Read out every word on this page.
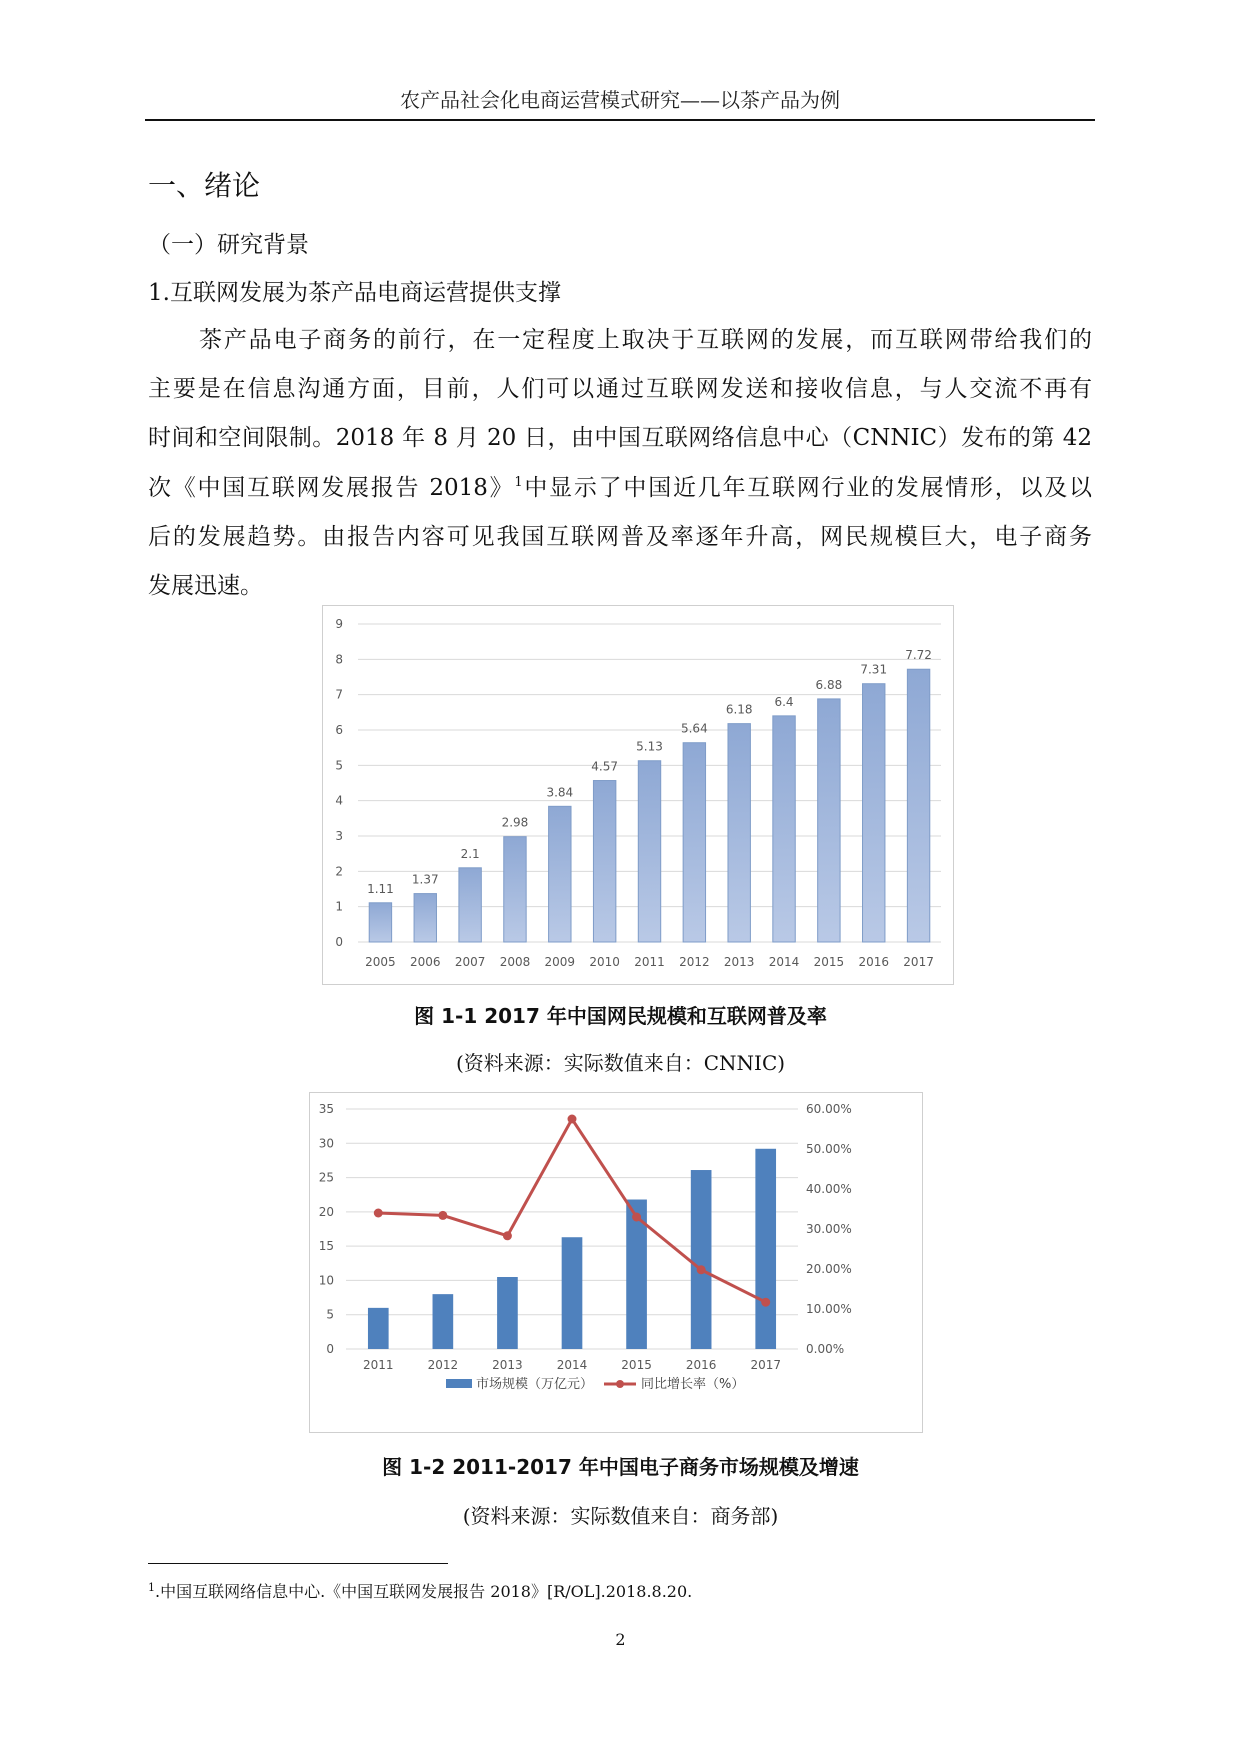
农产品社会化电商运营模式研究——以茶产品为例
一、绪论
（一）研究背景
1.互联网发展为茶产品电商运营提供支撑
茶产品电子商务的前行，在一定程度上取决于互联网的发展，而互联网带给我们的
主要是在信息沟通方面，目前，人们可以通过互联网发送和接收信息，与人交流不再有
时间和空间限制。2018 年 8 月 20 日，由中国互联网络信息中心（CNNIC）发布的第 42
次《中国互联网发展报告 2018》$^1$中显示了中国近几年互联网行业的发展情形，以及以
后的发展趋势。由报告内容可见我国互联网普及率逐年升高，网民规模巨大，电子商务
发展迅速。
0
1
2
3
4
5
6
7
8
9
1.11
2005
1.37
2006
2.1
2007
2.98
2008
3.84
2009
4.57
2010
5.13
2011
5.64
2012
6.18
2013
6.4
2014
6.88
2015
7.31
2016
7.72
2017
图 1-1 2017 年中国网民规模和互联网普及率
(资料来源：实际数值来自：CNNIC)
0
5
10
15
20
25
30
35
0.00%
10.00%
20.00%
30.00%
40.00%
50.00%
60.00%
2011	2012	2013	2014	2015	2016	2017
市场规模（万亿元）	同比增长率（%）
图 1-2 2011-2017 年中国电子商务市场规模及增速
(资料来源：实际数值来自：商务部)
$^1$.中国互联网络信息中心.《中国互联网发展报告 2018》[R/OL].2018.8.20.
2
